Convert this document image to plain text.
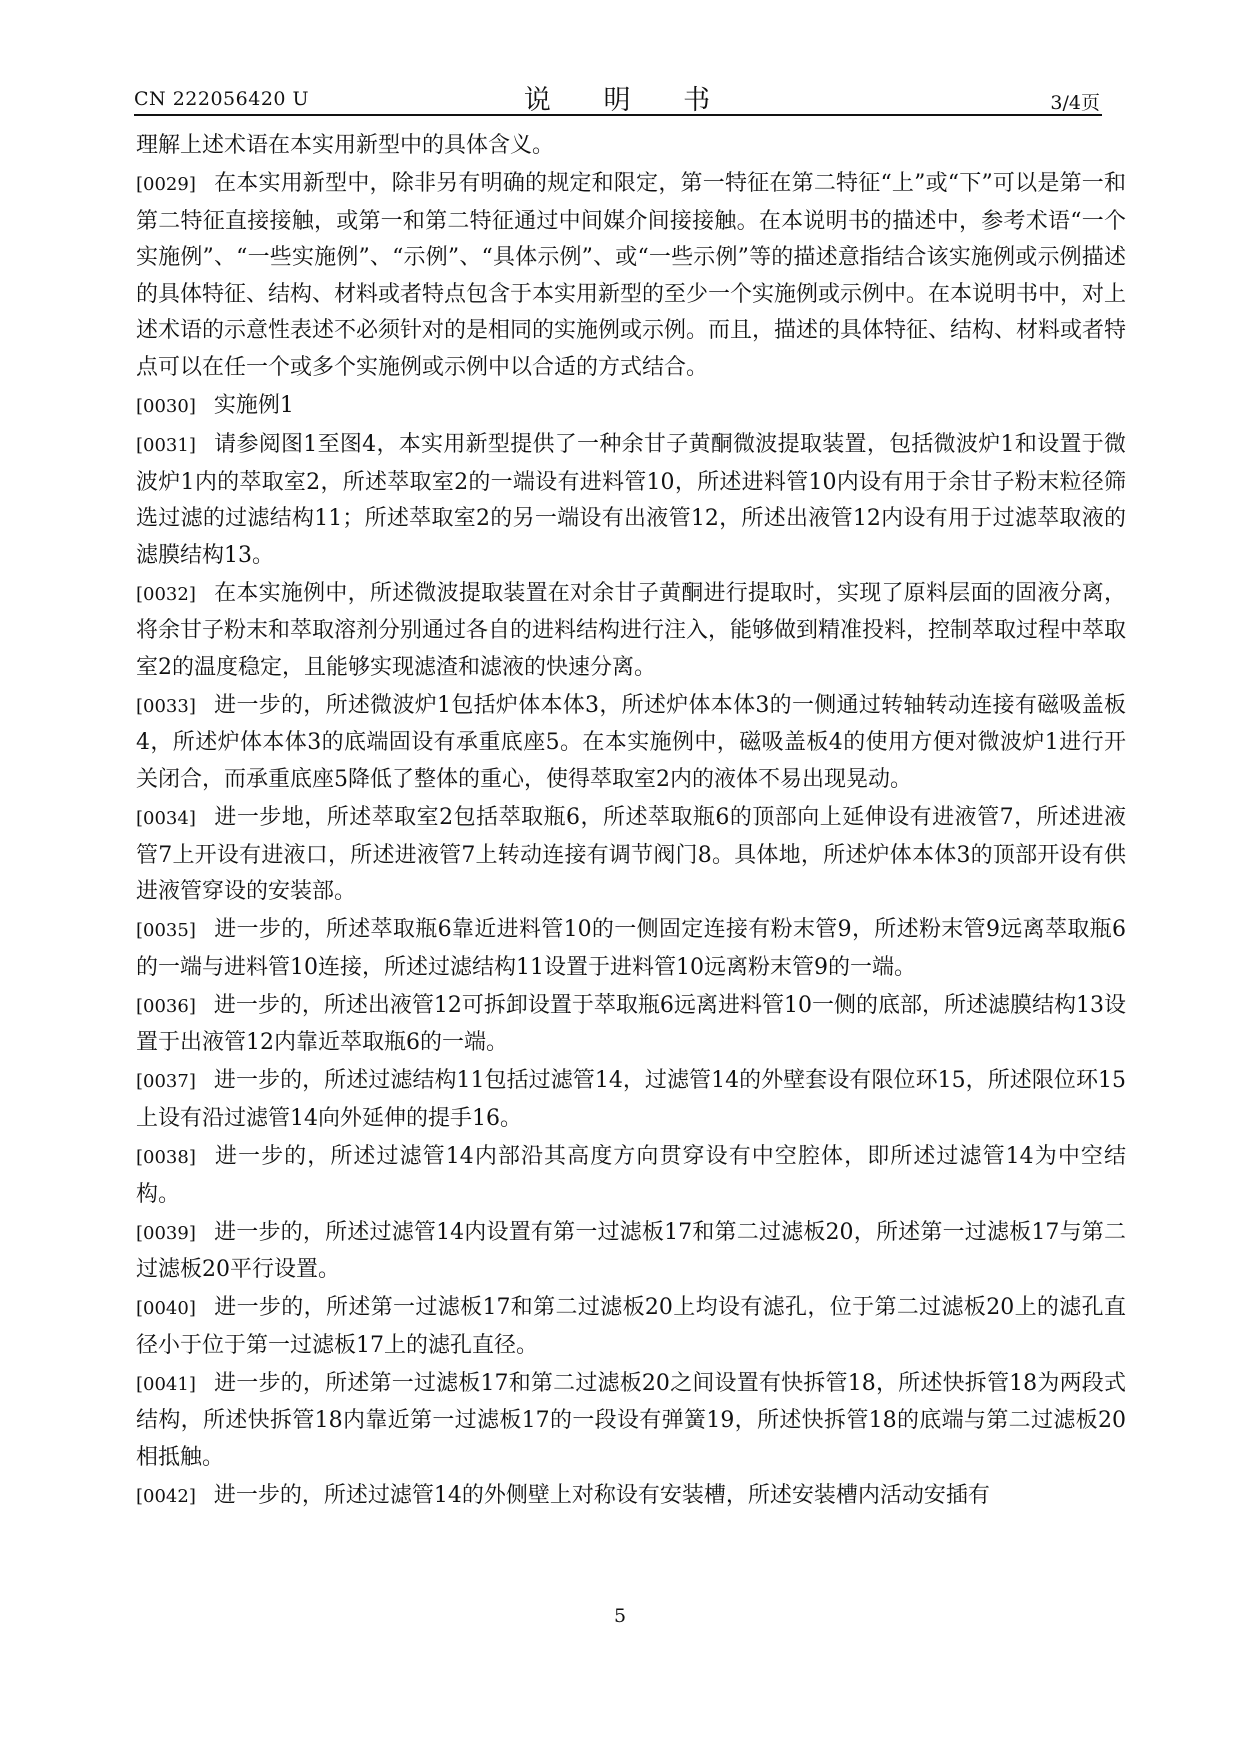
CN 222056420 U	说 明 书	3/4页

理解上述术语在本实用新型中的具体含义。

[0029] 在本实用新型中，除非另有明确的规定和限定，第一特征在第二特征“上”或“下”可以是第一和第二特征直接接触，或第一和第二特征通过中间媒介间接接触。在本说明书的描述中，参考术语“一个实施例”、“一些实施例”、“示例”、“具体示例”、或“一些示例”等的描述意指结合该实施例或示例描述的具体特征、结构、材料或者特点包含于本实用新型的至少一个实施例或示例中。在本说明书中，对上述术语的示意性表述不必须针对的是相同的实施例或示例。而且，描述的具体特征、结构、材料或者特点可以在任一个或多个实施例或示例中以合适的方式结合。

[0030] 实施例1

[0031] 请参阅图1至图4，本实用新型提供了一种余甘子黄酮微波提取装置，包括微波炉1和设置于微波炉1内的萃取室2，所述萃取室2的一端设有进料管10，所述进料管10内设有用于余甘子粉末粒径筛选过滤的过滤结构11；所述萃取室2的另一端设有出液管12，所述出液管12内设有用于过滤萃取液的滤膜结构13。

[0032] 在本实施例中，所述微波提取装置在对余甘子黄酮进行提取时，实现了原料层面的固液分离，将余甘子粉末和萃取溶剂分别通过各自的进料结构进行注入，能够做到精准投料，控制萃取过程中萃取室2的温度稳定，且能够实现滤渣和滤液的快速分离。

[0033] 进一步的，所述微波炉1包括炉体本体3，所述炉体本体3的一侧通过转轴转动连接有磁吸盖板4，所述炉体本体3的底端固设有承重底座5。在本实施例中，磁吸盖板4的使用方便对微波炉1进行开关闭合，而承重底座5降低了整体的重心，使得萃取室2内的液体不易出现晃动。

[0034] 进一步地，所述萃取室2包括萃取瓶6，所述萃取瓶6的顶部向上延伸设有进液管7，所述进液管7上开设有进液口，所述进液管7上转动连接有调节阀门8。具体地，所述炉体本体3的顶部开设有供进液管穿设的安装部。

[0035] 进一步的，所述萃取瓶6靠近进料管10的一侧固定连接有粉末管9，所述粉末管9远离萃取瓶6的一端与进料管10连接，所述过滤结构11设置于进料管10远离粉末管9的一端。

[0036] 进一步的，所述出液管12可拆卸设置于萃取瓶6远离进料管10一侧的底部，所述滤膜结构13设置于出液管12内靠近萃取瓶6的一端。

[0037] 进一步的，所述过滤结构11包括过滤管14，过滤管14的外壁套设有限位环15，所述限位环15上设有沿过滤管14向外延伸的提手16。

[0038] 进一步的，所述过滤管14内部沿其高度方向贯穿设有中空腔体，即所述过滤管14为中空结构。

[0039] 进一步的，所述过滤管14内设置有第一过滤板17和第二过滤板20，所述第一过滤板17与第二过滤板20平行设置。

[0040] 进一步的，所述第一过滤板17和第二过滤板20上均设有滤孔，位于第二过滤板20上的滤孔直径小于位于第一过滤板17上的滤孔直径。

[0041] 进一步的，所述第一过滤板17和第二过滤板20之间设置有快拆管18，所述快拆管18为两段式结构，所述快拆管18内靠近第一过滤板17的一段设有弹簧19，所述快拆管18的底端与第二过滤板20相抵触。

[0042] 进一步的，所述过滤管14的外侧壁上对称设有安装槽，所述安装槽内活动安插有

5
